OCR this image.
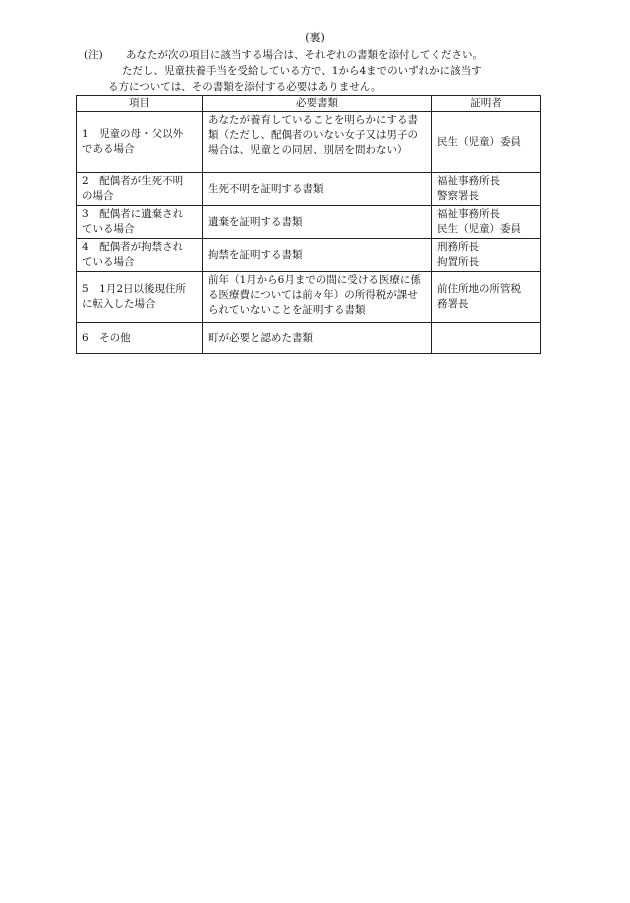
(裏)
(注)	あなたが次の項目に該当する場合は、それぞれの書類を添付してください。
ただし、児童扶養手当を受給している方で、1から4までのいずれかに該当す
る方については、その書類を添付する必要はありません。
項目	必要書類	証明者

1　児童の母・父以外
である場合	あなたが養育していることを明らかにする書類（ただし、配偶者のいない女子又は男子の場合は、児童との同居、別居を問わない）	民生（児童）委員

2　配偶者が生死不明
の場合	生死不明を証明する書類	福祉事務所長
警察署長

3　配偶者に遺棄され
ている場合	遺棄を証明する書類	福祉事務所長
民生（児童）委員

4　配偶者が拘禁され
ている場合	拘禁を証明する書類	刑務所長
拘置所長

5　1月2日以後現住所
に転入した場合	前年（1月から6月までの間に受ける医療に係る医療費については前々年）の所得税が課せられていないことを証明する書類	前住所地の所管税
務署長

6　その他	町が必要と認めた書類	
